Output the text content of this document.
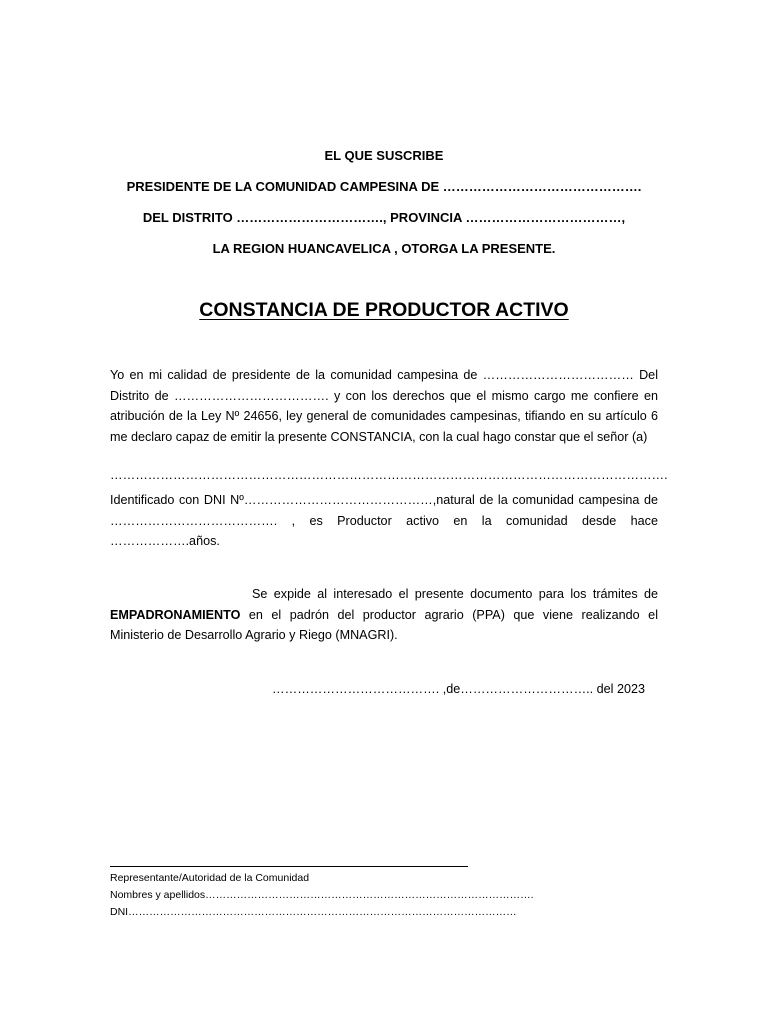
EL QUE SUSCRIBE
PRESIDENTE DE LA COMUNIDAD CAMPESINA DE ……………………………………….
DEL DISTRITO ……………………………., PROVINCIA ………………………………,
LA REGION HUANCAVELICA , OTORGA LA PRESENTE.
CONSTANCIA DE PRODUCTOR ACTIVO

Yo en mi calidad de presidente de la comunidad campesina de ……………………………… Del Distrito de ………………………………. y con los derechos que el mismo cargo me confiere en atribución de la Ley Nº 24656, ley general de comunidades campesinas, tifiando en su artículo 6 me declaro capaz de emitir la presente CONSTANCIA, con la cual hago constar que el señor (a)

…………………………………………………………………………………………………………………….

Identificado con DNI Nº………………………………………,natural de la comunidad campesina de …………………………………. , es Productor activo en la comunidad desde hace ……………….años.

Se expide al interesado el presente documento para los trámites de EMPADRONAMIENTO en el padrón del productor agrario (PPA) que viene realizando el Ministerio de Desarrollo Agrario y Riego (MNAGRI).

…………………………………. ,de………………………….. del 2023
Representante/Autoridad de la Comunidad
Nombres y apellidos………………………………………………………………………………….
DNI…………………………………………………………………………………………………
